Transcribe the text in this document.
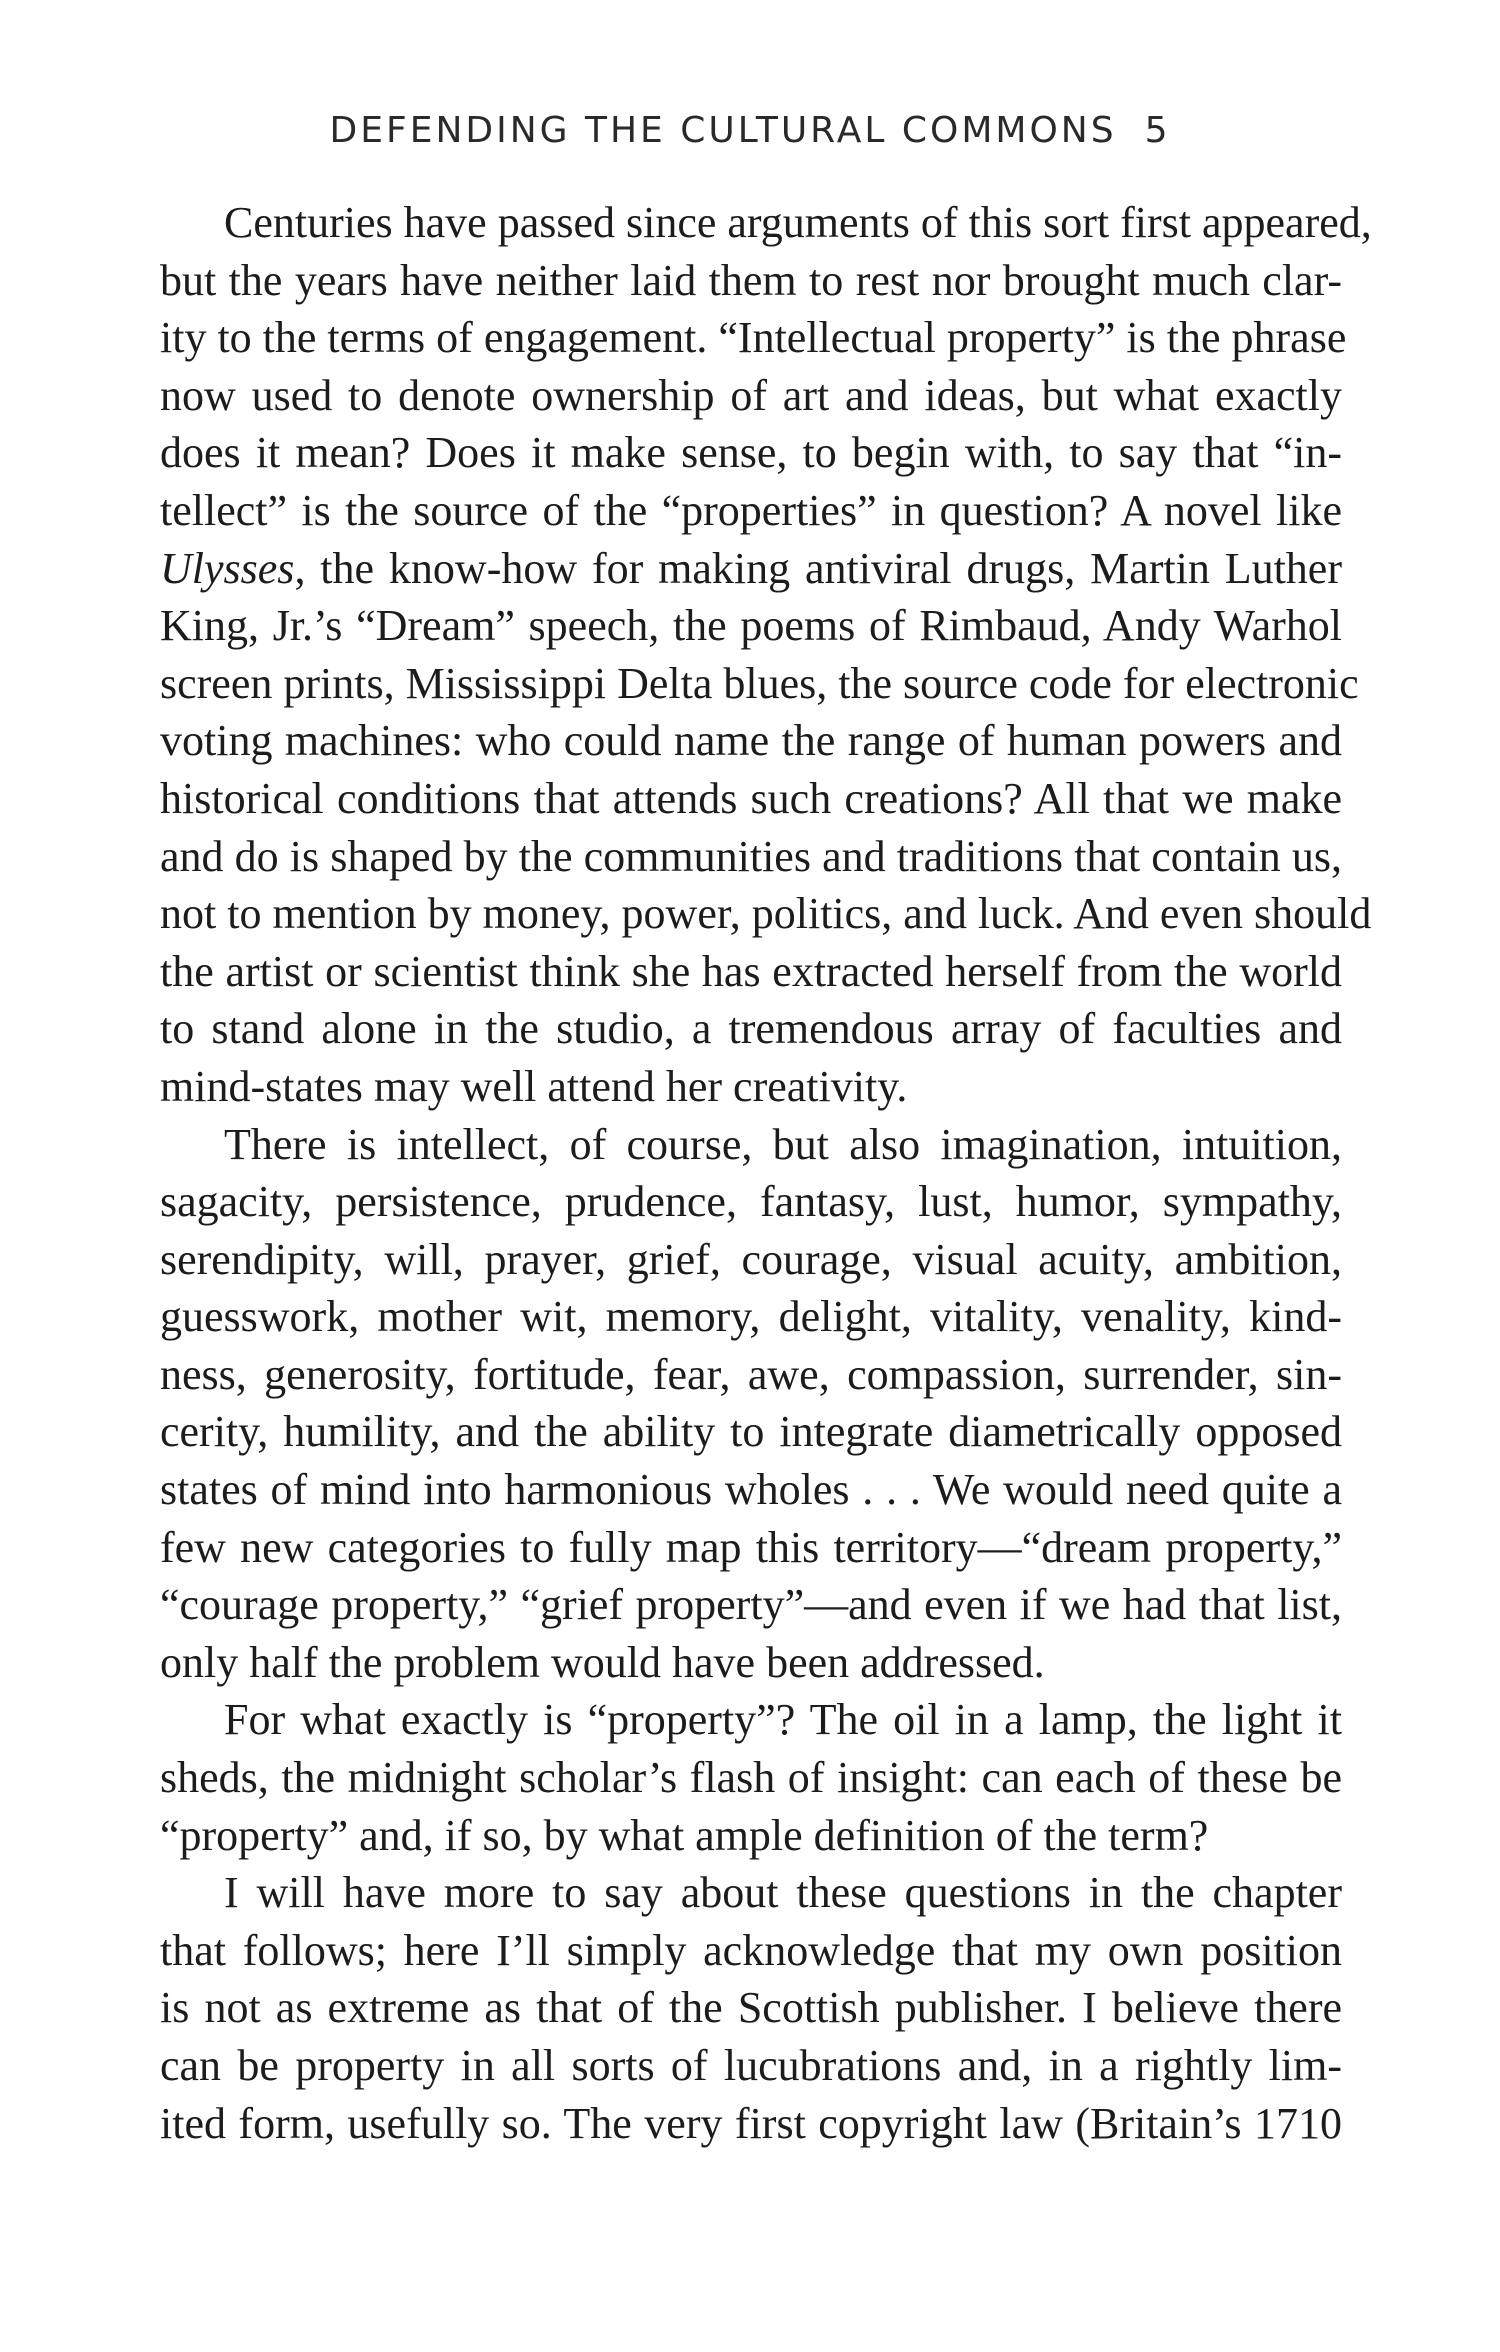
DEFENDING THE CULTURAL COMMONS 5
Centuries have passed since arguments of this sort first appeared,
but the years have neither laid them to rest nor brought much clar-
ity to the terms of engagement. “Intellectual property” is the phrase
now used to denote ownership of art and ideas, but what exactly
does it mean? Does it make sense, to begin with, to say that “in-
tellect” is the source of the “properties” in question? A novel like
Ulysses, the know-how for making antiviral drugs, Martin Luther
King, Jr.’s “Dream” speech, the poems of Rimbaud, Andy Warhol
screen prints, Mississippi Delta blues, the source code for electronic
voting machines: who could name the range of human powers and
historical conditions that attends such creations? All that we make
and do is shaped by the communities and traditions that contain us,
not to mention by money, power, politics, and luck. And even should
the artist or scientist think she has extracted herself from the world
to stand alone in the studio, a tremendous array of faculties and
mind-states may well attend her creativity.
There is intellect, of course, but also imagination, intuition,
sagacity, persistence, prudence, fantasy, lust, humor, sympathy,
serendipity, will, prayer, grief, courage, visual acuity, ambition,
guesswork, mother wit, memory, delight, vitality, venality, kind-
ness, generosity, fortitude, fear, awe, compassion, surrender, sin-
cerity, humility, and the ability to integrate diametrically opposed
states of mind into harmonious wholes . . . We would need quite a
few new categories to fully map this territory—“dream property,”
“courage property,” “grief property”—and even if we had that list,
only half the problem would have been addressed.
For what exactly is “property”? The oil in a lamp, the light it
sheds, the midnight scholar’s flash of insight: can each of these be
“property” and, if so, by what ample definition of the term?
I will have more to say about these questions in the chapter
that follows; here I’ll simply acknowledge that my own position
is not as extreme as that of the Scottish publisher. I believe there
can be property in all sorts of lucubrations and, in a rightly lim-
ited form, usefully so. The very first copyright law (Britain’s 1710
